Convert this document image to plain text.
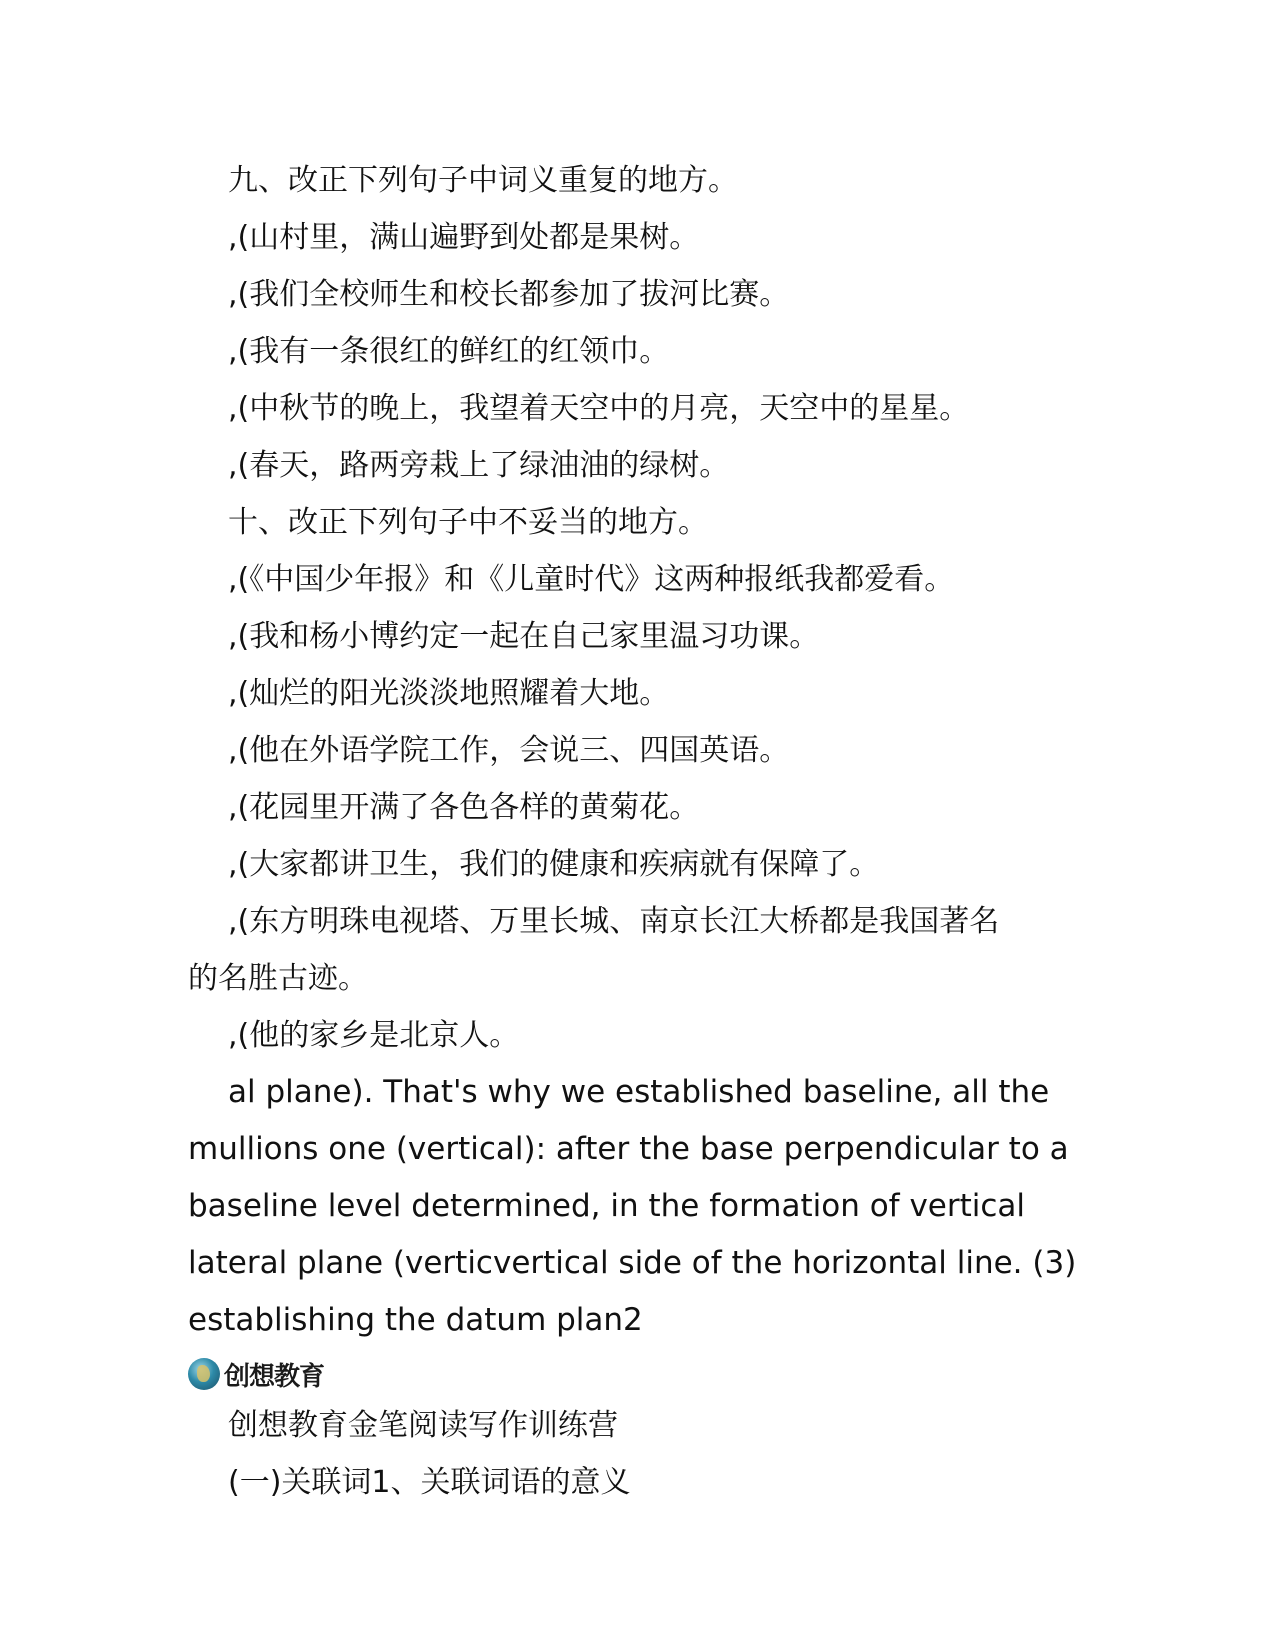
九、改正下列句子中词义重复的地方。

,(山村里，满山遍野到处都是果树。

,(我们全校师生和校长都参加了拔河比赛。

,(我有一条很红的鲜红的红领巾。

,(中秋节的晚上，我望着天空中的月亮，天空中的星星。

,(春天，路两旁栽上了绿油油的绿树。

十、改正下列句子中不妥当的地方。

,(《中国少年报》和《儿童时代》这两种报纸我都爱看。

,(我和杨小博约定一起在自己家里温习功课。

,(灿烂的阳光淡淡地照耀着大地。

,(他在外语学院工作，会说三、四国英语。

,(花园里开满了各色各样的黄菊花。

,(大家都讲卫生，我们的健康和疾病就有保障了。

,(东方明珠电视塔、万里长城、南京长江大桥都是我国著名

的名胜古迹。

,(他的家乡是北京人。

al plane). That's why we established baseline, all the

mullions one (vertical): after the base perpendicular to a

baseline level determined, in the formation of vertical

lateral plane (verticvertical side of the horizontal line. (3)

establishing the datum plan2

创想教育

创想教育金笔阅读写作训练营

(一)关联词1、关联词语的意义
